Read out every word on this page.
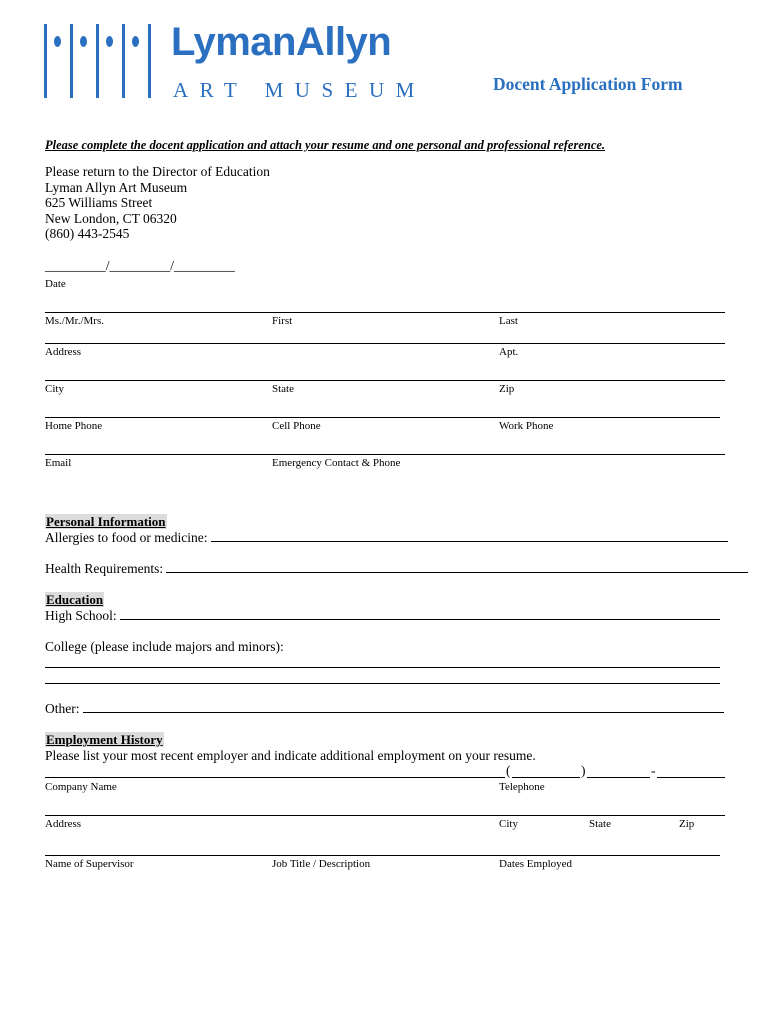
LymanAllyn
ART MUSEUM	Docent Application Form
Please complete the docent application and attach your resume and one personal and professional reference.
Please return to the Director of Education
Lyman Allyn Art Museum
625 Williams Street
New London, CT 06320
(860) 443-2545
_________/_________/_________
Date
Ms./Mr./Mrs.	First	Last
Address	Apt.
City	State	Zip
Home Phone	Cell Phone	Work Phone
Email	Emergency Contact & Phone
Personal Information
Allergies to food or medicine:
Health Requirements:
Education
High School:
College (please include majors and minors):
Other:
Employment History
Please list your most recent employer and indicate additional employment on your resume.
(	)	-
Company Name	Telephone
Address	City	State	Zip
Name of Supervisor	Job Title / Description	Dates Employed
